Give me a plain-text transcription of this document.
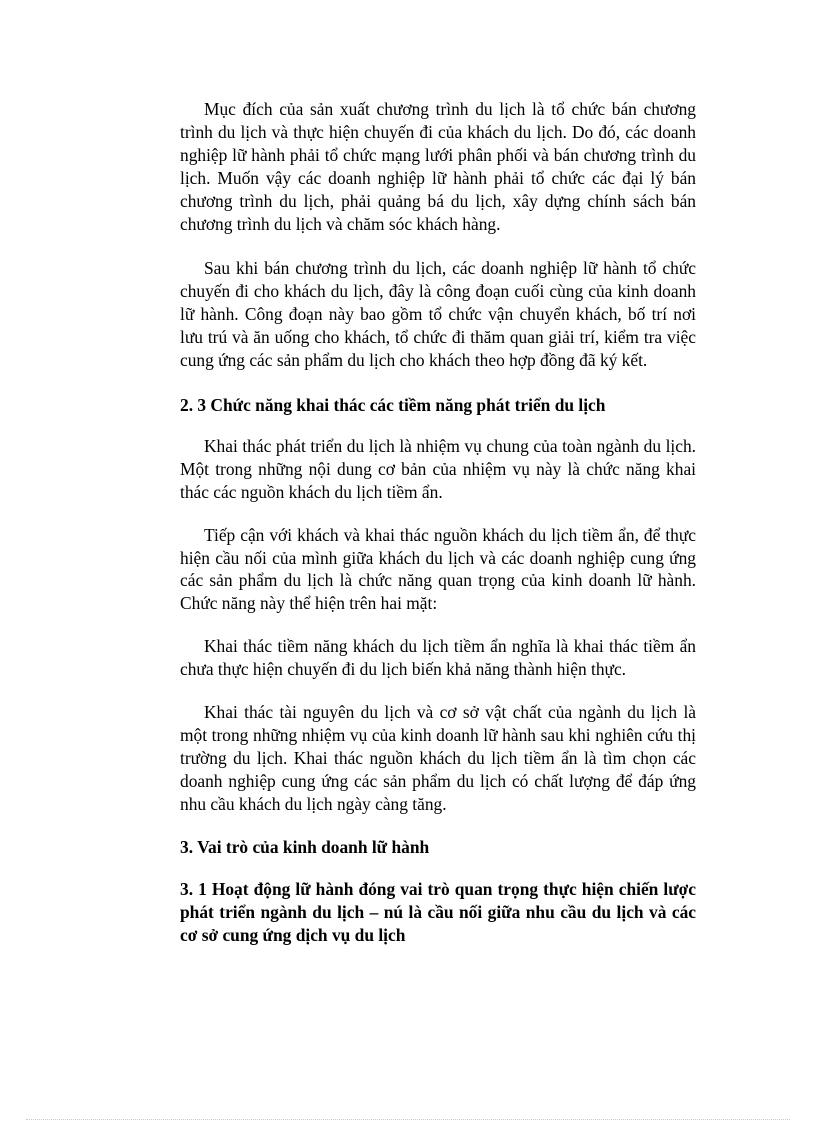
Mục đích của sản xuất chương trình du lịch là tổ chức bán chương trình du lịch và thực hiện chuyến đi của khách du lịch. Do đó, các doanh nghiệp lữ hành phải tổ chức mạng lưới phân phối và bán chương trình du lịch. Muốn vậy các doanh nghiệp lữ hành phải tổ chức các đại lý bán chương trình du lịch, phải quảng bá du lịch, xây dựng chính sách bán chương trình du lịch và chăm sóc khách hàng.

Sau khi bán chương trình du lịch, các doanh nghiệp lữ hành tổ chức chuyến đi cho khách du lịch, đây là công đoạn cuối cùng của kinh doanh lữ hành. Công đoạn này bao gồm tổ chức vận chuyển khách, bố trí nơi lưu trú và ăn uống cho khách, tổ chức đi thăm quan giải trí, kiểm tra việc cung ứng các sản phẩm du lịch cho khách theo hợp đồng đã ký kết.

2. 3 Chức năng khai thác các tiềm năng phát triển du lịch

Khai thác phát triển du lịch là nhiệm vụ chung của toàn ngành du lịch. Một trong những nội dung cơ bản của nhiệm vụ này là chức năng khai thác các nguồn khách du lịch tiềm ẩn.

Tiếp cận với khách và khai thác nguồn khách du lịch tiềm ẩn, để thực hiện cầu nối của mình giữa khách du lịch và các doanh nghiệp cung ứng các sản phẩm du lịch là chức năng quan trọng của kinh doanh lữ hành. Chức năng này thể hiện trên hai mặt:

Khai thác tiềm năng khách du lịch tiềm ẩn nghĩa là khai thác tiềm ẩn chưa thực hiện chuyến đi du lịch biến khả năng thành hiện thực.

Khai thác tài nguyên du lịch và cơ sở vật chất của ngành du lịch là một trong những nhiệm vụ của kinh doanh lữ hành sau khi nghiên cứu thị trường du lịch. Khai thác nguồn khách du lịch tiềm ẩn là tìm chọn các doanh nghiệp cung ứng các sản phẩm du lịch có chất lượng để đáp ứng nhu cầu khách du lịch ngày càng tăng.

3. Vai trò của kinh doanh lữ hành

3. 1 Hoạt động lữ hành đóng vai trò quan trọng thực hiện chiến lược phát triển ngành du lịch – nú là cầu nối giữa nhu cầu du lịch và các cơ sở cung ứng dịch vụ du lịch
